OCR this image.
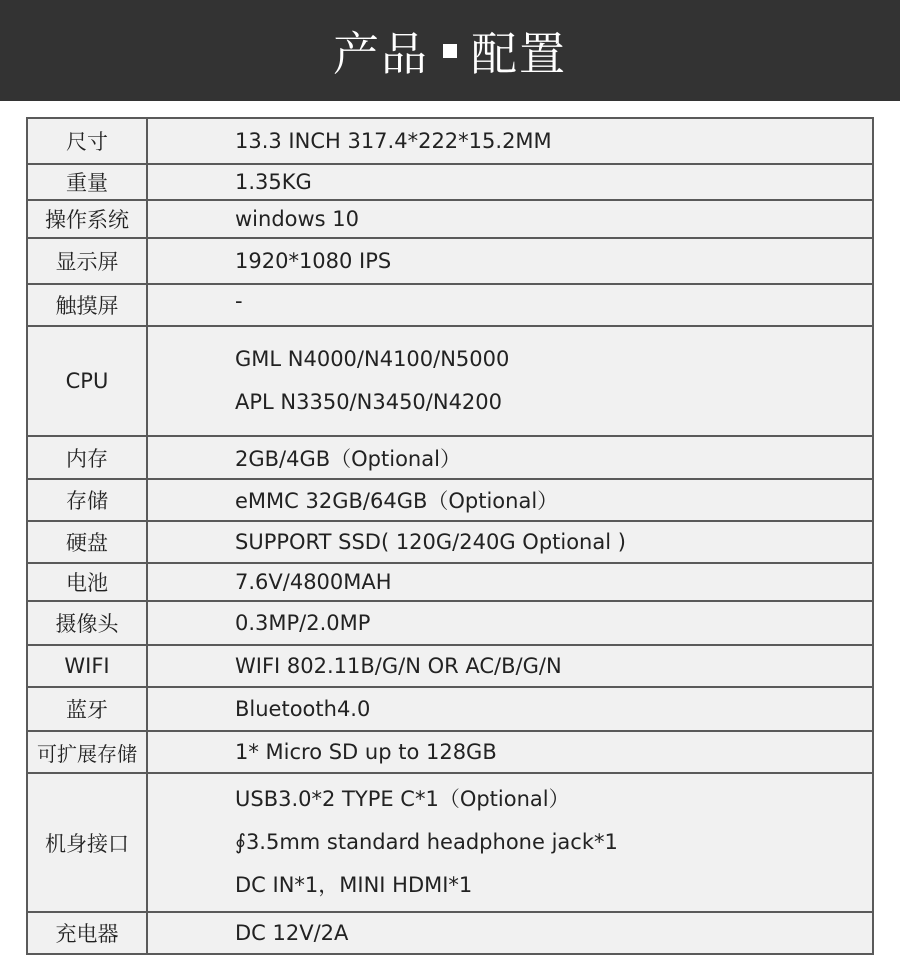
产品 配置
尺寸	13.3 INCH 317.4*222*15.2MM

重量	1.35KG

操作系统	windows 10

显示屏	1920*1080 IPS

触摸屏	-

CPU	GML N4000/N4100/N5000
APL N3350/N3450/N4200

内存	2GB/4GB（Optional）

存储	eMMC 32GB/64GB（Optional）

硬盘	SUPPORT SSD( 120G/240G Optional )

电池	7.6V/4800MAH

摄像头	0.3MP/2.0MP

WIFI	WIFI 802.11B/G/N OR AC/B/G/N

蓝牙	Bluetooth4.0

可扩展存储	1* Micro SD up to 128GB

机身接口	USB3.0*2 TYPE C*1（Optional）
∮3.5mm standard headphone jack*1
DC IN*1，MINI HDMI*1

充电器	DC 12V/2A
